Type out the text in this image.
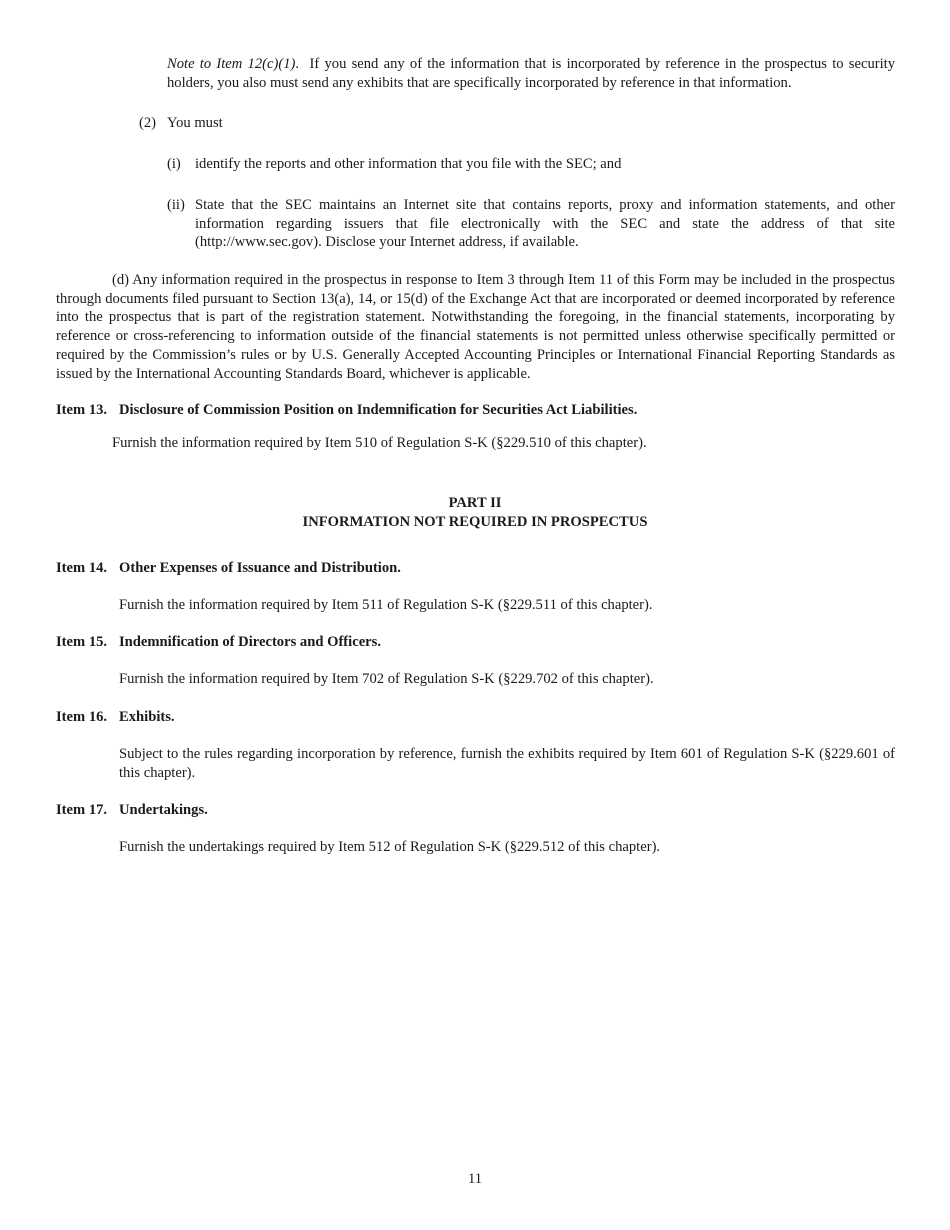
Note to Item 12(c)(1). If you send any of the information that is incorporated by reference in the prospectus to security holders, you also must send any exhibits that are specifically incorporated by reference in that information.
(2) You must
(i) identify the reports and other information that you file with the SEC; and
(ii) State that the SEC maintains an Internet site that contains reports, proxy and information statements, and other information regarding issuers that file electronically with the SEC and state the address of that site (http://www.sec.gov). Disclose your Internet address, if available.
(d) Any information required in the prospectus in response to Item 3 through Item 11 of this Form may be included in the prospectus through documents filed pursuant to Section 13(a), 14, or 15(d) of the Exchange Act that are incorporated or deemed incorporated by reference into the prospectus that is part of the registration statement. Notwithstanding the foregoing, in the financial statements, incorporating by reference or cross-referencing to information outside of the financial statements is not permitted unless otherwise specifically permitted or required by the Commission’s rules or by U.S. Generally Accepted Accounting Principles or International Financial Reporting Standards as issued by the International Accounting Standards Board, whichever is applicable.
Item 13. Disclosure of Commission Position on Indemnification for Securities Act Liabilities.
Furnish the information required by Item 510 of Regulation S-K (§229.510 of this chapter).
PART II
INFORMATION NOT REQUIRED IN PROSPECTUS
Item 14. Other Expenses of Issuance and Distribution.
Furnish the information required by Item 511 of Regulation S-K (§229.511 of this chapter).
Item 15. Indemnification of Directors and Officers.
Furnish the information required by Item 702 of Regulation S-K (§229.702 of this chapter).
Item 16. Exhibits.
Subject to the rules regarding incorporation by reference, furnish the exhibits required by Item 601 of Regulation S-K (§229.601 of this chapter).
Item 17. Undertakings.
Furnish the undertakings required by Item 512 of Regulation S-K (§229.512 of this chapter).
11
